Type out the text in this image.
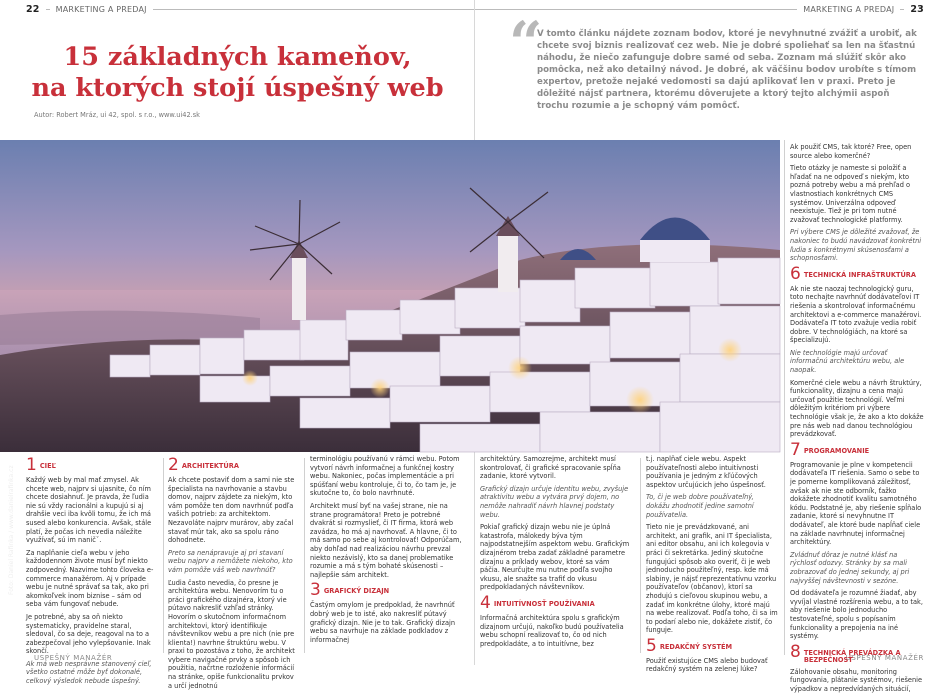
22 MARKETING A PREDAJ
15 základných kameňov,
na ktorých stojí úspešný web
Autor: Robert Mráz, ui 42, spol. s r.o., www.ui42.sk
USPEŠNÝ MANAŽÉR
MARKETING A PREDAJ 23
USPEŠNÝ MANAŽÉR
“
V tomto článku nájdete zoznam bodov, ktoré je nevyhnutné zvážiť a urobiť, ak chcete svoj biznis realizovať cez web. Nie je dobré spoliehať sa len na šťastnú náhodu, že niečo zafunguje dobre samé od seba. Zoznam má slúžiť skôr ako pomôcka, než ako detailný návod. Je dobré, ak väčšinu bodov urobíte s tímom expertov, pretože nejaké vedomosti sa dajú aplikovať len v praxi. Preto je dôležité nájsť partnera, ktorému dôverujete a ktorý tejto alchýmii aspoň trochu rozumie a je schopný vám pomôcť.
Foto: Daniel Rafinka / www.danielrafinka.cz
1 CIEĽ

Každý web by mal mať zmysel. Ak chcete web, najprv si ujasnite, čo ním chcete dosiahnuť. Je pravda, že ľudia nie sú vždy racionálni a kupujú si aj drahšie veci iba kvôli tomu, že ich má sused alebo konkurencia. Avšak, stále platí, že počas ich nevedia náležite využívať, sú im naničˇ.

Za naplňanie cieľa webu v jeho každodennom živote musí byť niekto zodpovedný. Nazvime tohto človeka e-commerce manažérom. Aj v prípade webu je nutné správať sa tak, ako pri akomkoľvek inom biznise – sám od seba vám fungovať nebude.

Je potrebné, aby sa oň niekto systematicky, pravidelne staral, sledoval, čo sa deje, reagoval na to a zabezpečoval jeho vylepšovanie. Inak skončí.

Ak má web nesprávne stanovený cieľ, všetko ostatné môže byť dokonalé, celkový výsledok nebude úspešný.

2 ARCHITEKTÚRA

Ak chcete postaviť dom a sami nie ste špecialista na navrhovanie a stavbu domov, najprv zájdete za niekým, kto vám pomôže ten dom navrhnúť podľa vašich potrieb: za architektom. Nezavoláte najprv murárov, aby začal stavať múr tak, ako sa spolu ráno dohodnete.

Preto sa nenápravuje aj pri stavaní webu najprv a nemôžete niekoho, kto vám pomôže váš web navrhnúť?

Ľudia často nevedia, čo presne je architektúra webu. Nenovorím tu o práci grafického dizajnéra, ktorý vie pútavo nakresliť vzhľad stránky. Hovorím o skutočnom informačnom architektovi, ktorý identifikuje návštevníkov webu a pre nich (nie pre klienta!) navrhne štruktúru webu. V praxi to pozostáva z toho, že architekt vybere navigačné prvky a spôsob ich použitia, načrtne rozloženie informácií na stránke, opíše funkcionalitu prvkov a určí jednotnú

terminológiu používanú v rámci webu. Potom vytvorí návrh informačnej a funkčnej kostry webu. Nakoniec, počas implementácie a pri spúšťaní webu kontroluje, či to, čo tam je, je skutočne to, čo bolo navrhnuté.

Architekt musí byť na vašej strane, nie na strane programátora! Preto je potrebné dvakrát si rozmyslieť, či IT firma, ktorá web zavádza, ho má aj navrhovať. A hlavne, či to má samo po sebe aj kontrolovať! Odporúčam, aby dohľad nad realizáciou návrhu prevzal niekto nezávislý, kto sa danej problematike rozumie a má s tým bohaté skúsenosti – najlepšie sám architekt.

3 GRAFICKÝ DIZAJN

Častým omylom je predpoklad, že navrhnúť dobrý web je to isté, ako nakresliť pútavý grafický dizajn. Nie je to tak. Grafický dizajn webu sa navrhuje na základe podkladov z informačnej

architektúry. Samozrejme, architekt musí skontrolovať, či grafické spracovanie spĺňa zadanie, ktoré vytvoril.

Grafický dizajn určuje identitu webu, zvyšuje atraktivitu webu a vytvára prvý dojem, no nemôže nahradiť návrh hlavnej podstaty webu.

Pokiaľ grafický dizajn webu nie je úplná katastrofa, málokedy býva tým najpodstatnejším aspektom webu. Grafickým dizajnérom treba zadať základné parametre dizajnu a príklady webov, ktoré sa vám páčia. Neurčujte mu nutne podľa svojho vkusu, ale snažte sa trafiť do vkusu predpokladaných návštevníkov.

4 INTUITÍVNOSŤ POUŽÍVANIA

Informačná architektúra spolu s grafickým dizajnom určujú, nakoľko budú používatelia webu schopní realizovať to, čo od nich predpokladáte, a to intuitívne, bez

t.j. naplňať ciele webu. Aspekt používateľnosti alebo intuitívnosti používania je jedným z kľúčových aspektov určujúcich jeho úspešnosť.

To, či je web dobre používateľný, dokážu zhodnotiť jedine samotní používatelia.

Tieto nie je prevádzkované, ani architekt, ani grafik, ani IT špecialista, ani editor obsahu, ani ich kolegovia v práci či sekretárka. Jediný skutočne fungujúci spôsob ako overiť, či je web jednoducho použiteľný, resp. kde má slabiny, je nájsť reprezentatívnu vzorku používateľov (občanov), ktorí sa zhodujú s cieľovou skupinou webu, a zadať im konkrétne úlohy, ktoré majú na webe realizovať. Podľa toho, či sa im to podarí alebo nie, dokážete zistiť, čo funguje.

5 REDAKČNÝ SYSTÉM

Použiť existujúce CMS alebo budovať redakčný systém na zelenej lúke?

Ak použiť CMS, tak ktoré? Free, open source alebo komerčné?

Tieto otázky je nameste si položiť a hľadať na ne odpoveď s niekým, kto pozná potreby webu a má prehľad o vlastnostiach konkrétnych CMS systémov. Univerzálna odpoveď neexistuje. Tiež je pri tom nutné zvažovať technologické platformy.

Pri výbere CMS je dôležité zvažovať, že nakoniec to budú navádzovať konkrétni ľudia s konkrétnymi skúsenosťami a schopnosťami.

6 TECHNICKÁ INFRAŠTRUKTÚRA

Ak nie ste naozaj technologický guru, toto nechajte navrhnúť dodávateľovi IT riešenia a skontrolovať informačnému architektovi a e-commerce manažérovi. Dodávateľa IT toto zvažuje vedia robiť dobre. V technológiách, na ktoré sa špecializujú.

Nie technológie majú určovať informačnú architektúru webu, ale naopak.

Komerčné ciele webu a návrh štruktúry, funkcionality, dizajnu a cena majú určovať použitie technológií. Veľmi dôležitým kritériom pri výbere technológie však je, že ako a kto dokáže pre nás web nad danou technológiou prevádzkovať.

7 PROGRAMOVANIE

Programovanie je plne v kompetencii dodávateľa IT riešenia. Samo o sebe to je pomerne komplikovaná záležitosť, avšak ak nie ste odborník, ťažko dokážete zhodnotiť kvalitu samotného kódu. Podstatné je, aby riešenie spĺňalo zadanie, ktoré si nevyhnutne IT dodávateľ, ale ktoré bude napĺňať ciele na základe navrhnutej informačnej architektúry.

Zvládnuť dôraz je nutné klásť na rýchlosť odozvy. Stránky by sa mali zobrazovať do jednej sekundy, aj pri najvyššej návštevnosti v sezóne.

Od dodávateľa je rozumné žiadať, aby vyvíjal vlastné rozšírenia webu, a to tak, aby riešenie bolo jednoducho testovateľné, spolu s popísaním funkcionality a prepojenia na iné systémy.

8 TECHNICKÁ PREVÁDZKA A BEZPEČNOSŤ

Zálohovanie obsahu, monitoring fungovania, plátanie systémov, riešenie výpadkov a nepredvídaných situácií,
